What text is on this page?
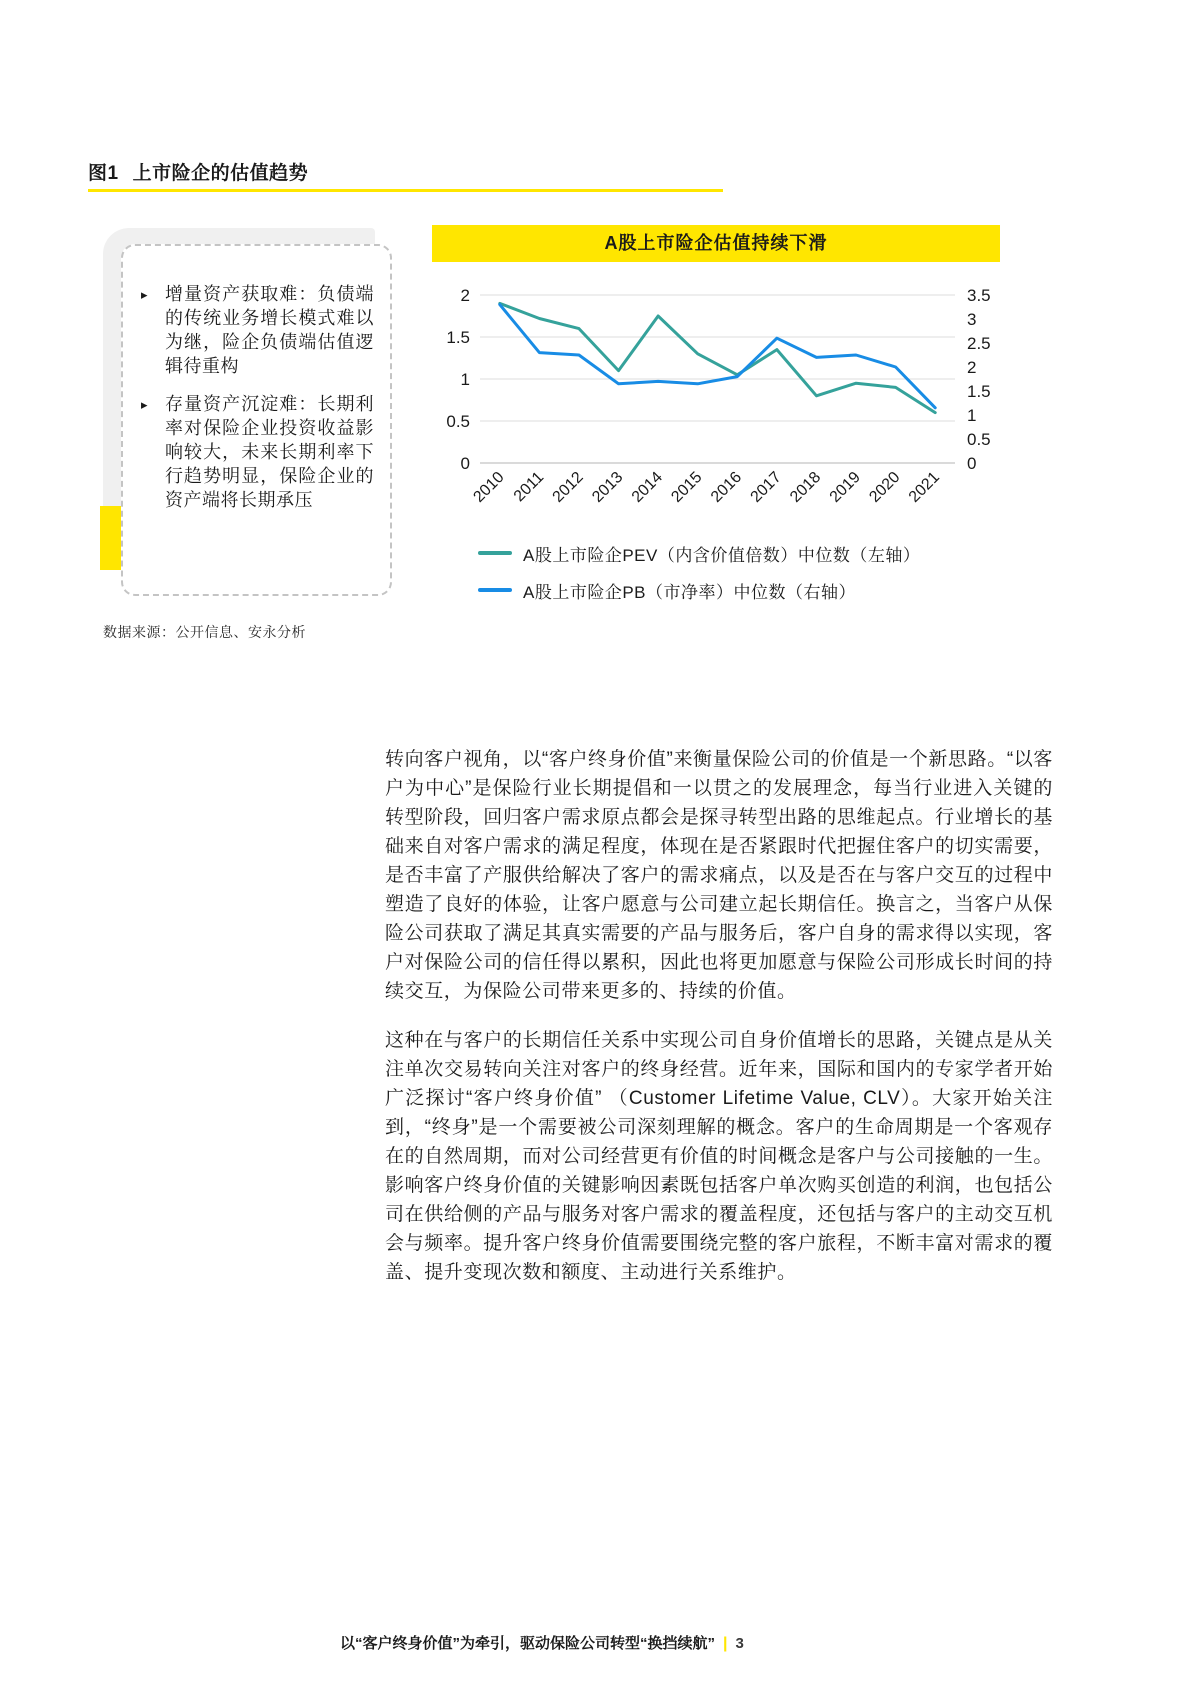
图1 上市险企的估值趋势
▸ 增量资产获取难：负债端的传统业务增长模式难以为继，险企负债端估值逻辑待重构
▸ 存量资产沉淀难：长期利率对保险企业投资收益影响较大，未来长期利率下行趋势明显，保险企业的资产端将长期承压
A股上市险企估值持续下滑
2
1.5
1
0.5
0
3.5
3
2.5
2
1.5
1
0.5
0
2010 2011 2012 2013 2014 2015 2016 2017 2018 2019 2020 2021
A股上市险企PEV（内含价值倍数）中位数（左轴）
A股上市险企PB（市净率）中位数（右轴）
数据来源：公开信息、安永分析

转向客户视角，以“客户终身价值”来衡量保险公司的价值是一个新思路。“以客户为中心”是保险行业长期提倡和一以贯之的发展理念，每当行业进入关键的转型阶段，回归客户需求原点都会是探寻转型出路的思维起点。行业增长的基础来自对客户需求的满足程度，体现在是否紧跟时代把握住客户的切实需要，是否丰富了产服供给解决了客户的需求痛点，以及是否在与客户交互的过程中塑造了良好的体验，让客户愿意与公司建立起长期信任。换言之，当客户从保险公司获取了满足其真实需要的产品与服务后，客户自身的需求得以实现，客户对保险公司的信任得以累积，因此也将更加愿意与保险公司形成长时间的持续交互，为保险公司带来更多的、持续的价值。

这种在与客户的长期信任关系中实现公司自身价值增长的思路，关键点是从关注单次交易转向关注对客户的终身经营。近年来，国际和国内的专家学者开始广泛探讨“客户终身价值” （Customer Lifetime Value, CLV）。大家开始关注到，“终身”是一个需要被公司深刻理解的概念。客户的生命周期是一个客观存在的自然周期，而对公司经营更有价值的时间概念是客户与公司接触的一生。影响客户终身价值的关键影响因素既包括客户单次购买创造的利润，也包括公司在供给侧的产品与服务对客户需求的覆盖程度，还包括与客户的主动交互机会与频率。提升客户终身价值需要围绕完整的客户旅程，不断丰富对需求的覆盖、提升变现次数和额度、主动进行关系维护。

以“客户终身价值”为牵引，驱动保险公司转型“换挡续航” | 3
